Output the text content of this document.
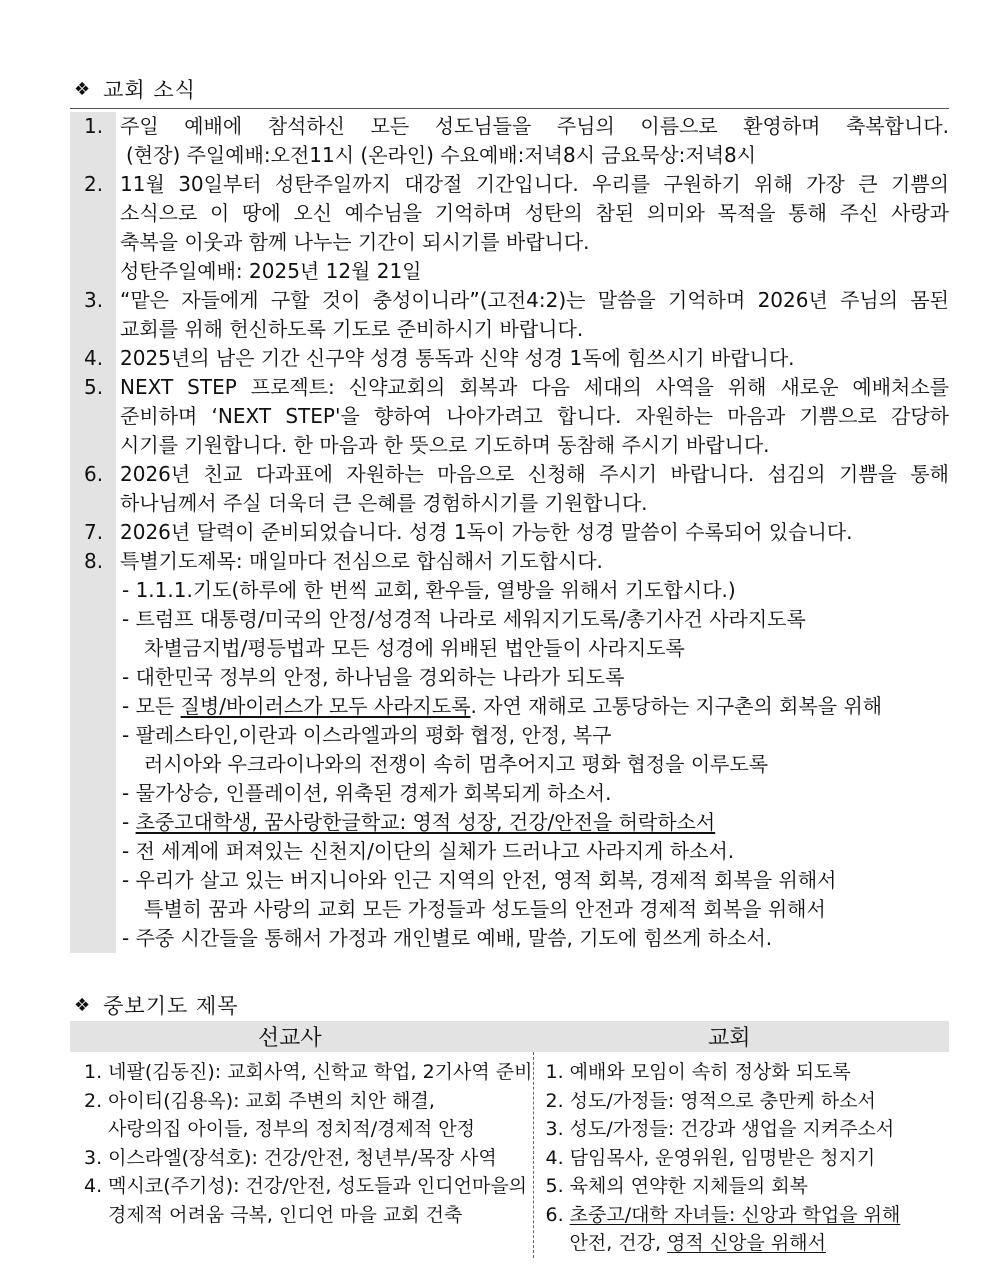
❖ 교회 소식
1. 주일 예배에 참석하신 모든 성도님들을 주님의 이름으로 환영하며 축복합니다.
(현장) 주일예배:오전11시 (온라인) 수요예배:저녁8시 금요묵상:저녁8시
2. 11월 30일부터 성탄주일까지 대강절 기간입니다. 우리를 구원하기 위해 가장 큰 기쁨의
소식으로 이 땅에 오신 예수님을 기억하며 성탄의 참된 의미와 목적을 통해 주신 사랑과
축복을 이웃과 함께 나누는 기간이 되시기를 바랍니다.
성탄주일예배: 2025년 12월 21일
3. “맡은 자들에게 구할 것이 충성이니라”(고전4:2)는 말씀을 기억하며 2026년 주님의 몸된
교회를 위해 헌신하도록 기도로 준비하시기 바랍니다.
4. 2025년의 남은 기간 신구약 성경 통독과 신약 성경 1독에 힘쓰시기 바랍니다.
5. NEXT STEP 프로젝트: 신약교회의 회복과 다음 세대의 사역을 위해 새로운 예배처소를
준비하며 ‘NEXT STEP'을 향하여 나아가려고 합니다. 자원하는 마음과 기쁨으로 감당하
시기를 기원합니다. 한 마음과 한 뜻으로 기도하며 동참해 주시기 바랍니다.
6. 2026년 친교 다과표에 자원하는 마음으로 신청해 주시기 바랍니다. 섬김의 기쁨을 통해
하나님께서 주실 더욱더 큰 은혜를 경험하시기를 기원합니다.
7. 2026년 달력이 준비되었습니다. 성경 1독이 가능한 성경 말씀이 수록되어 있습니다.
8. 특별기도제목: 매일마다 전심으로 합심해서 기도합시다.
- 1.1.1.기도(하루에 한 번씩 교회, 환우들, 열방을 위해서 기도합시다.)
- 트럼프 대통령/미국의 안정/성경적 나라로 세워지기도록/총기사건 사라지도록
차별금지법/평등법과 모든 성경에 위배된 법안들이 사라지도록
- 대한민국 정부의 안정, 하나님을 경외하는 나라가 되도록
- 모든 질병/바이러스가 모두 사라지도록. 자연 재해로 고통당하는 지구촌의 회복을 위해
- 팔레스타인,이란과 이스라엘과의 평화 협정, 안정, 복구
러시아와 우크라이나와의 전쟁이 속히 멈추어지고 평화 협정을 이루도록
- 물가상승, 인플레이션, 위축된 경제가 회복되게 하소서.
- 초중고대학생, 꿈사랑한글학교: 영적 성장, 건강/안전을 허락하소서
- 전 세계에 퍼져있는 신천지/이단의 실체가 드러나고 사라지게 하소서.
- 우리가 살고 있는 버지니아와 인근 지역의 안전, 영적 회복, 경제적 회복을 위해서
특별히 꿈과 사랑의 교회 모든 가정들과 성도들의 안전과 경제적 회복을 위해서
- 주중 시간들을 통해서 가정과 개인별로 예배, 말씀, 기도에 힘쓰게 하소서.
❖ 중보기도 제목
선교사	교회
1. 네팔(김동진): 교회사역, 신학교 학업, 2기사역 준비
2. 아이티(김용옥): 교회 주변의 치안 해결,
사랑의집 아이들, 정부의 정치적/경제적 안정
3. 이스라엘(장석호): 건강/안전, 청년부/목장 사역
4. 멕시코(주기성): 건강/안전, 성도들과 인디언마을의
경제적 어려움 극복, 인디언 마을 교회 건축
1. 예배와 모임이 속히 정상화 되도록
2. 성도/가정들: 영적으로 충만케 하소서
3. 성도/가정들: 건강과 생업을 지켜주소서
4. 담임목사, 운영위원, 임명받은 청지기
5. 육체의 연약한 지체들의 회복
6. 초중고/대학 자녀들: 신앙과 학업을 위해
안전, 건강, 영적 신앙을 위해서
